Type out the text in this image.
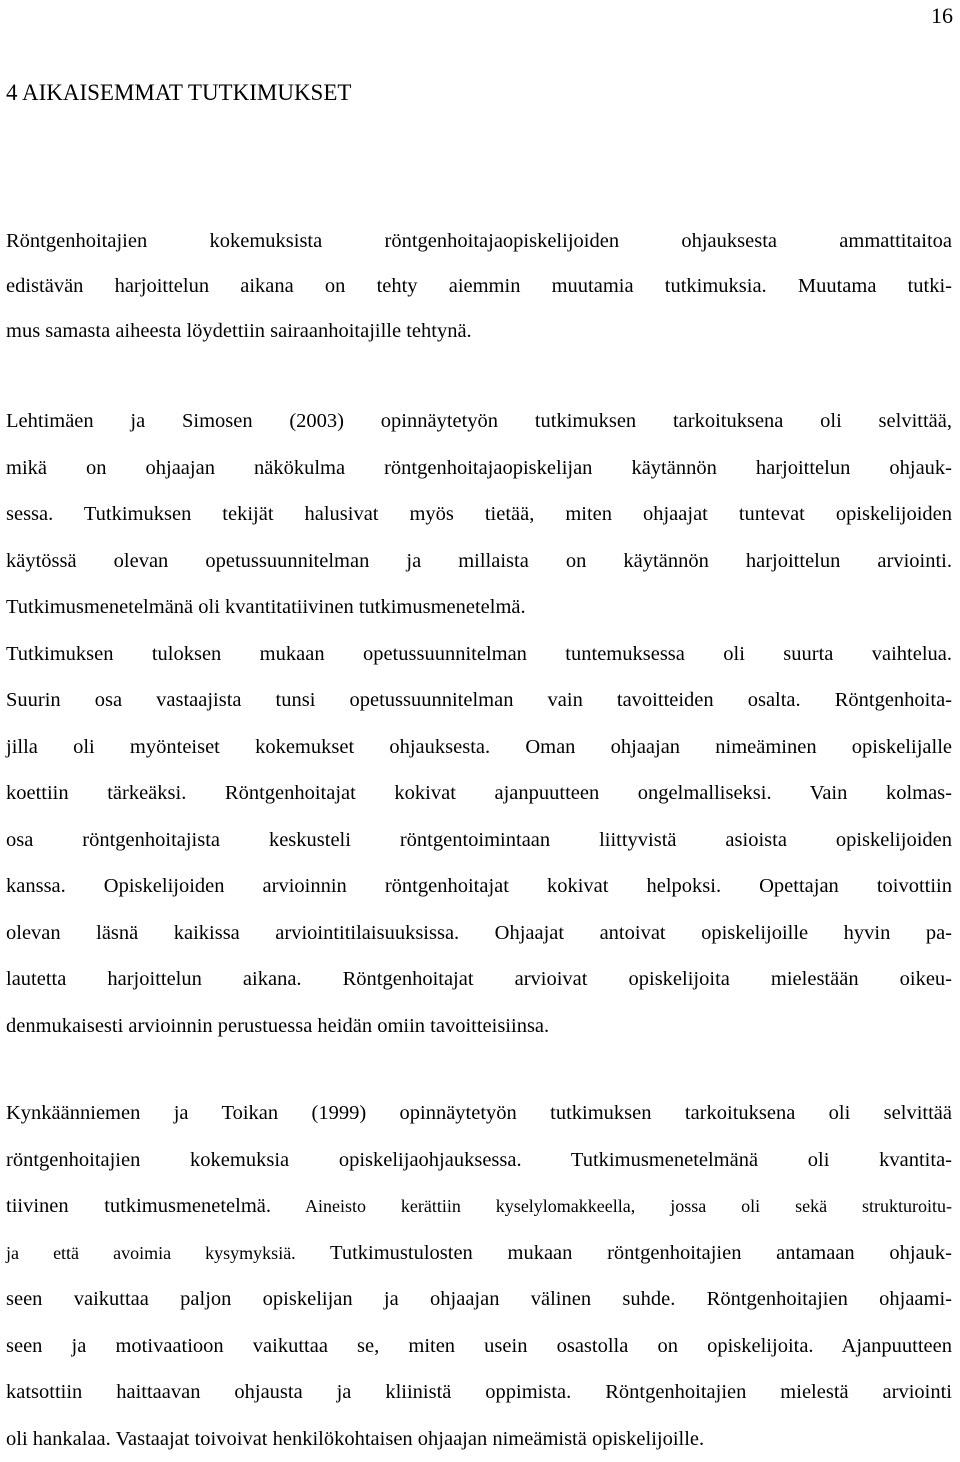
16
4 AIKAISEMMAT TUTKIMUKSET

Röntgenhoitajien kokemuksista röntgenhoitajaopiskelijoiden ohjauksesta ammattitaitoa
edistävän harjoittelun aikana on tehty aiemmin muutamia tutkimuksia. Muutama tutki-
mus samasta aiheesta löydettiin sairaanhoitajille tehtynä.

Lehtimäen ja Simosen (2003) opinnäytetyön tutkimuksen tarkoituksena oli selvittää,
mikä on ohjaajan näkökulma röntgenhoitajaopiskelijan käytännön harjoittelun ohjauk-
sessa. Tutkimuksen tekijät halusivat myös tietää, miten ohjaajat tuntevat opiskelijoiden
käytössä olevan opetussuunnitelman ja millaista on käytännön harjoittelun arviointi.
Tutkimusmenetelmänä oli kvantitatiivinen tutkimusmenetelmä.
Tutkimuksen tuloksen mukaan opetussuunnitelman tuntemuksessa oli suurta vaihtelua.
Suurin osa vastaajista tunsi opetussuunnitelman vain tavoitteiden osalta. Röntgenhoita-
jilla oli myönteiset kokemukset ohjauksesta. Oman ohjaajan nimeäminen opiskelijalle
koettiin tärkeäksi. Röntgenhoitajat kokivat ajanpuutteen ongelmalliseksi. Vain kolmas-
osa röntgenhoitajista keskusteli röntgentoimintaan liittyvistä asioista opiskelijoiden
kanssa. Opiskelijoiden arvioinnin röntgenhoitajat kokivat helpoksi. Opettajan toivottiin
olevan läsnä kaikissa arviointitilaisuuksissa. Ohjaajat antoivat opiskelijoille hyvin pa-
lautetta harjoittelun aikana. Röntgenhoitajat arvioivat opiskelijoita mielestään oikeu-
denmukaisesti arvioinnin perustuessa heidän omiin tavoitteisiinsa.

Kynkäänniemen ja Toikan (1999) opinnäytetyön tutkimuksen tarkoituksena oli selvittää
röntgenhoitajien kokemuksia opiskelijaohjauksessa. Tutkimusmenetelmänä oli kvantita-
tiivinen tutkimusmenetelmä. Aineisto kerättiin kyselylomakkeella, jossa oli sekä strukturoitu-
ja että avoimia kysymyksiä. Tutkimustulosten mukaan röntgenhoitajien antamaan ohjauk-
seen vaikuttaa paljon opiskelijan ja ohjaajan välinen suhde. Röntgenhoitajien ohjaami-
seen ja motivaatioon vaikuttaa se, miten usein osastolla on opiskelijoita. Ajanpuutteen
katsottiin haittaavan ohjausta ja kliinistä oppimista. Röntgenhoitajien mielestä arviointi
oli hankalaa. Vastaajat toivoivat henkilökohtaisen ohjaajan nimeämistä opiskelijoille.
